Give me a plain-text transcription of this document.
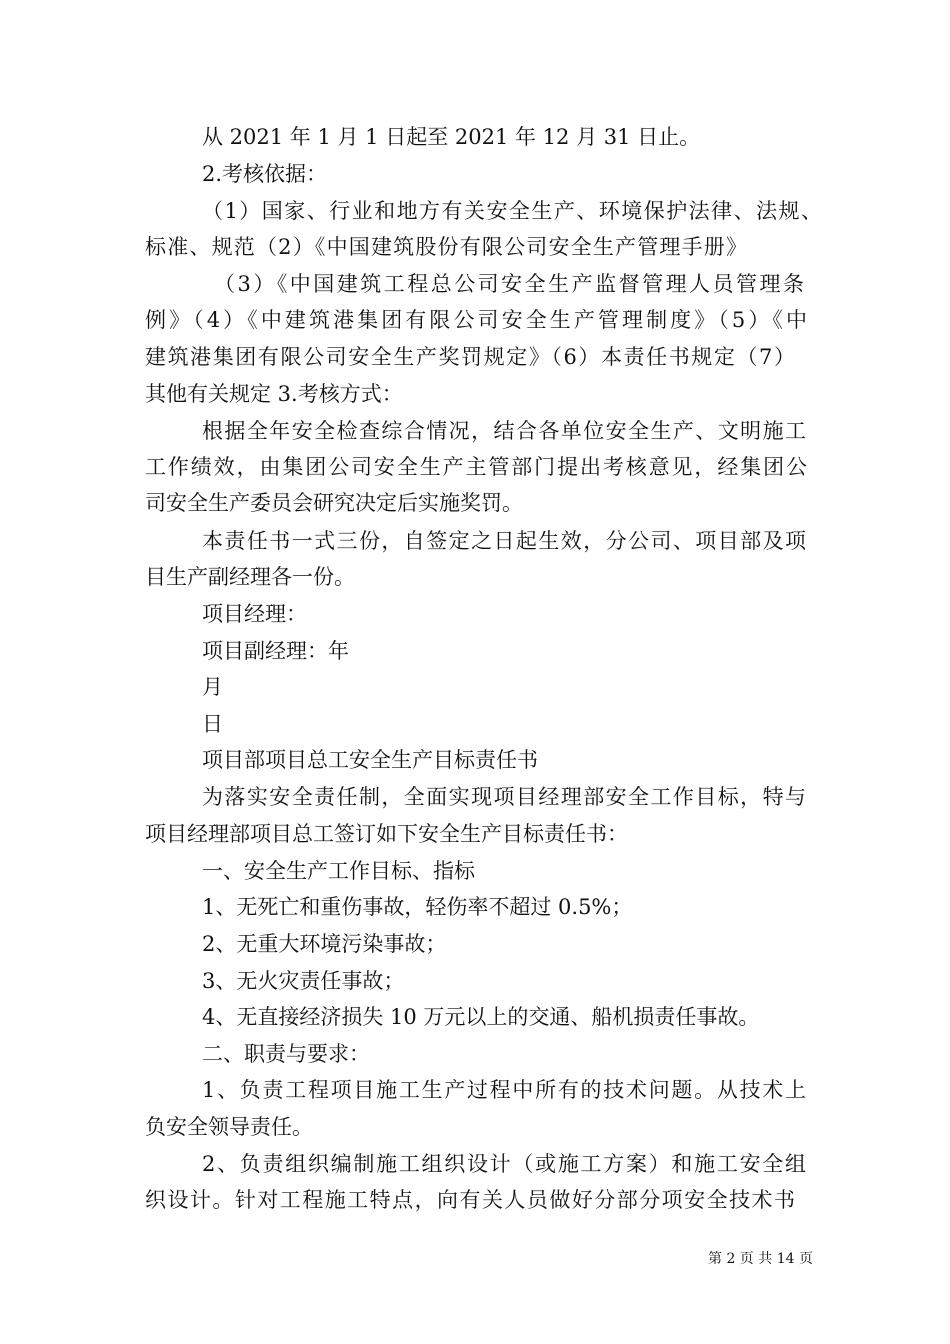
从 2021 年 1 月 1 日起至 2021 年 12 月 31 日止。
2.考核依据：
（1）国家、行业和地方有关安全生产、环境保护法律、法规、
标准、规范（2）《中国建筑股份有限公司安全生产管理手册》
（3）《中国建筑工程总公司安全生产监督管理人员管理条
例》（4）《中建筑港集团有限公司安全生产管理制度》（5）《中
建筑港集团有限公司安全生产奖罚规定》（6）本责任书规定（7）
其他有关规定 3.考核方式：
根据全年安全检查综合情况，结合各单位安全生产、文明施工
工作绩效，由集团公司安全生产主管部门提出考核意见，经集团公
司安全生产委员会研究决定后实施奖罚。
本责任书一式三份，自签定之日起生效，分公司、项目部及项
目生产副经理各一份。
项目经理：
项目副经理：年
月
日
项目部项目总工安全生产目标责任书
为落实安全责任制，全面实现项目经理部安全工作目标，特与
项目经理部项目总工签订如下安全生产目标责任书：
一、安全生产工作目标、指标
1、无死亡和重伤事故，轻伤率不超过 0.5%；
2、无重大环境污染事故；
3、无火灾责任事故；
4、无直接经济损失 10 万元以上的交通、船机损责任事故。
二、职责与要求：
1、负责工程项目施工生产过程中所有的技术问题。从技术上
负安全领导责任。
2、负责组织编制施工组织设计（或施工方案）和施工安全组
织设计。针对工程施工特点，向有关人员做好分部分项安全技术书
第 2 页 共 14 页
